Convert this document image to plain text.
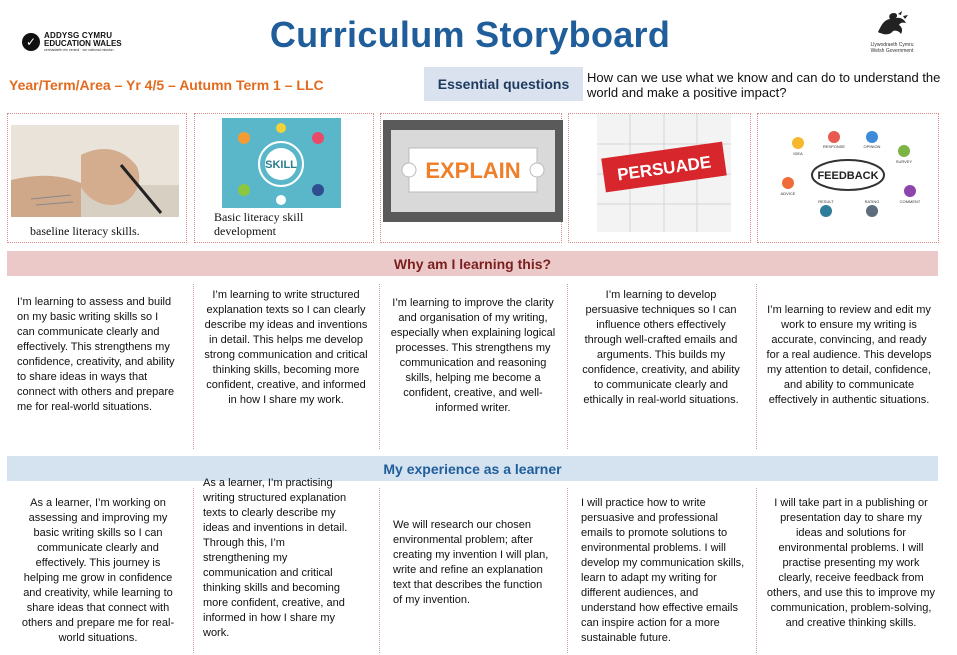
✓ ADDYSG CYMRU
EDUCATION WALES
cenhadaeth ein cenedl · our national mission	Curriculum Storyboard	Llywodraeth Cymru
Welsh Government
Year/Term/Area – Yr 4/5 – Autumn Term 1 – LLC	Essential questions	How can we use what we know and can do to understand the world and make a positive impact?
baseline literacy skills.
SKILL
Basic literacy skill development
EXPLAIN	PERSUADE	FEEDBACK
IDEA
RESPONSE	OPINION
SURVEY
ADVICE
RESULT	RATING	COMMENT
Why am I learning this?
I’m learning to assess and build on my basic writing skills so I can communicate clearly and effectively. This strengthens my confidence, creativity, and ability to share ideas in ways that connect with others and prepare me for real-world situations.
I’m learning to write structured explanation texts so I can clearly describe my ideas and inventions in detail. This helps me develop strong communication and critical thinking skills, becoming more confident, creative, and informed in how I share my work.
I’m learning to improve the clarity and organisation of my writing, especially when explaining logical processes. This strengthens my communication and reasoning skills, helping me become a confident, creative, and well-informed writer.
I’m learning to develop persuasive techniques so I can influence others effectively through well-crafted emails and arguments. This builds my confidence, creativity, and ability to communicate clearly and ethically in real-world situations.
I’m learning to review and edit my work to ensure my writing is accurate, convincing, and ready for a real audience. This develops my attention to detail, confidence, and ability to communicate effectively in authentic situations.
My experience as a learner
As a learner, I’m working on assessing and improving my basic writing skills so I can communicate clearly and effectively. This journey is helping me grow in confidence and creativity, while learning to share ideas that connect with others and prepare me for real-world situations.
As a learner, I’m practising writing structured explanation texts to clearly describe my ideas and inventions in detail. Through this, I’m strengthening my communication and critical thinking skills and becoming more confident, creative, and informed in how I share my work.
We will research our chosen environmental problem; after creating my invention I will plan, write and refine an explanation text that describes the function of my invention.
I will practice how to write persuasive and professional emails to promote solutions to environmental problems. I will develop my communication skills, learn to adapt my writing for different audiences, and understand how effective emails can inspire action for a more sustainable future.
I will take part in a publishing or presentation day to share my ideas and solutions for environmental problems. I will practise presenting my work clearly, receive feedback from others, and use this to improve my communication, problem-solving, and creative thinking skills.
